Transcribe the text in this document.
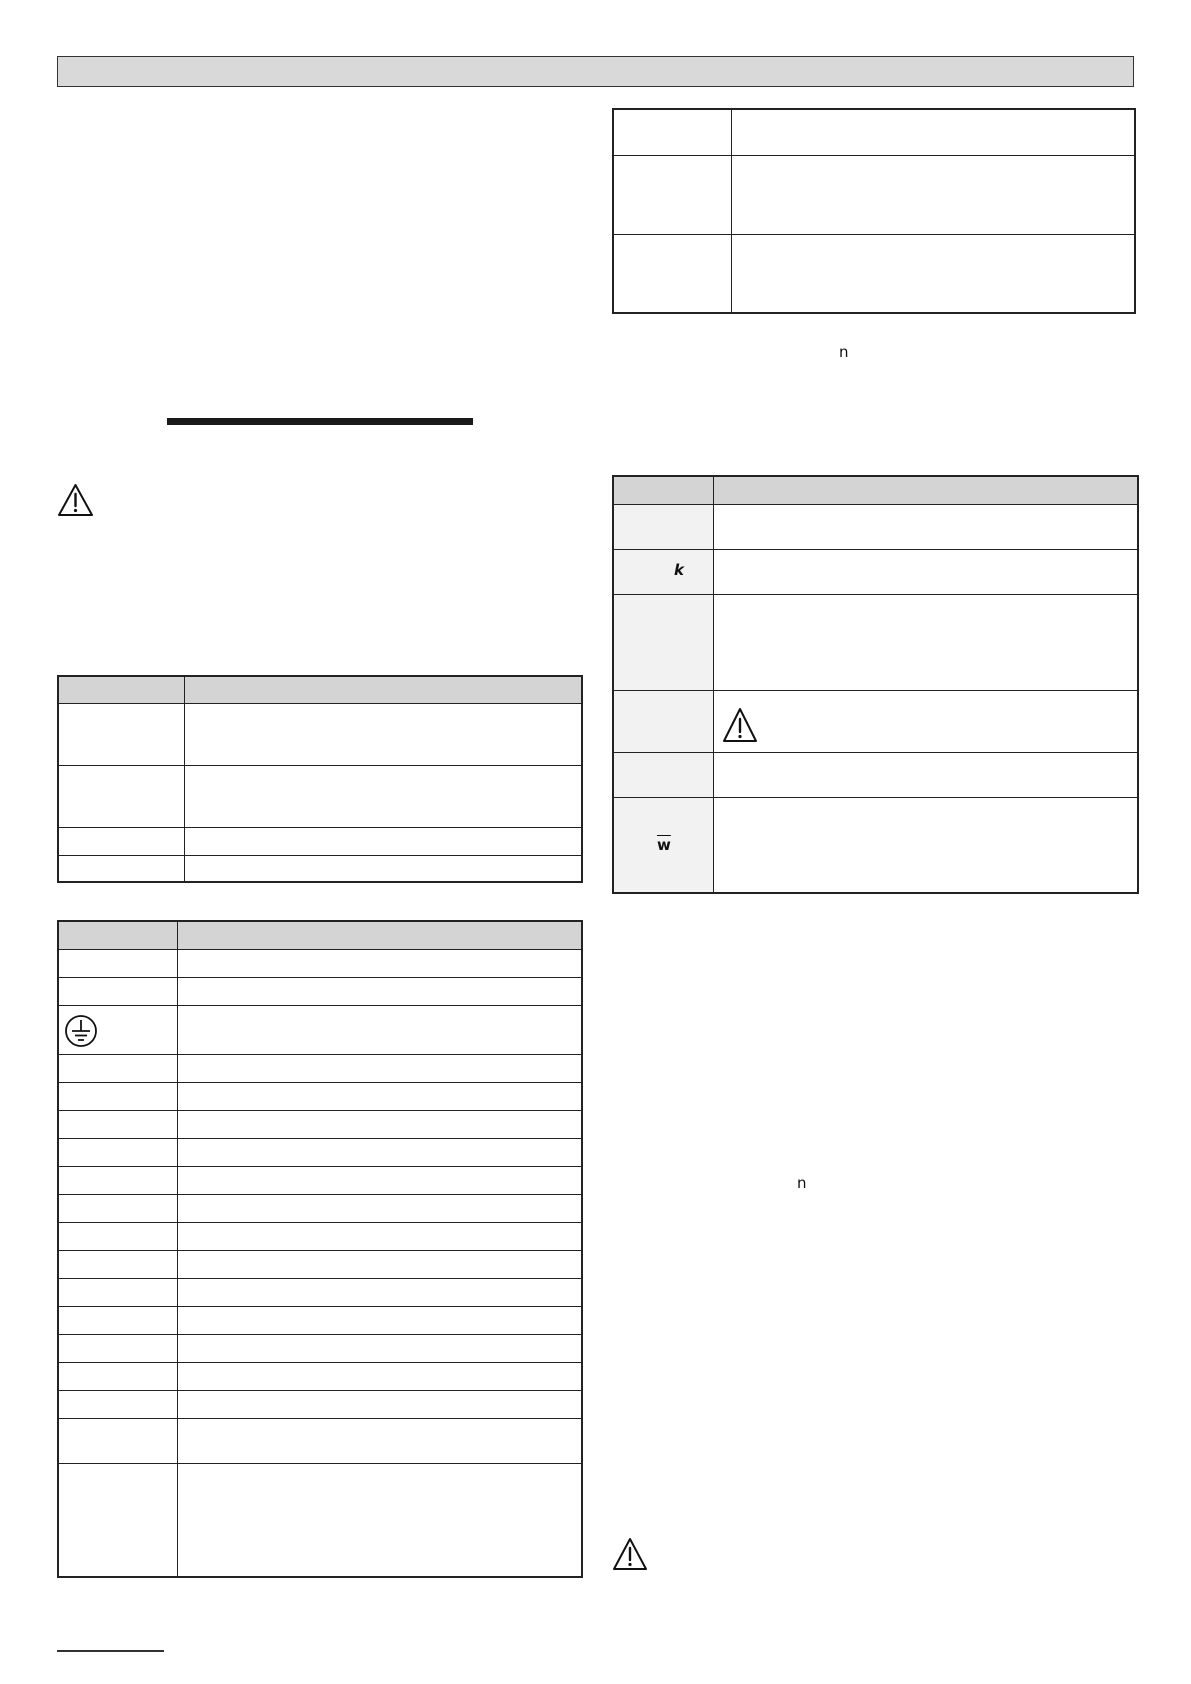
n

k	

$\overline{w}$

n
